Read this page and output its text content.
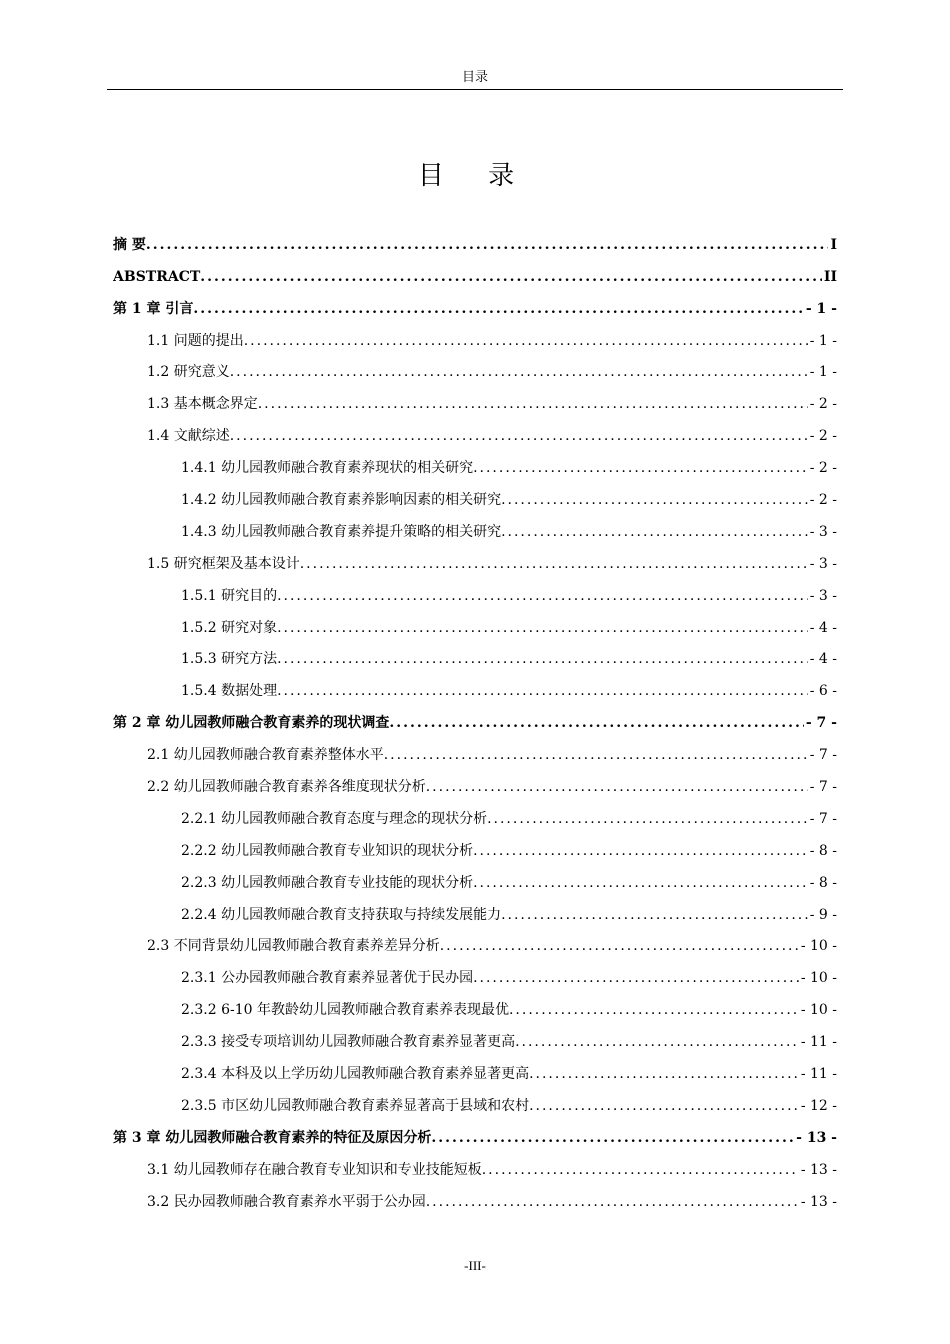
目录
目 录
摘 要 .....	I
ABSTRACT .....	II
第 1 章 引言 .....	- 1 -
1.1 问题的提出 .....	- 1 -
1.2 研究意义 .....	- 1 -
1.3 基本概念界定 .....	- 2 -
1.4 文献综述 .....	- 2 -
1.4.1 幼儿园教师融合教育素养现状的相关研究 .....	- 2 -
1.4.2 幼儿园教师融合教育素养影响因素的相关研究 .....	- 2 -
1.4.3 幼儿园教师融合教育素养提升策略的相关研究 .....	- 3 -
1.5 研究框架及基本设计 .....	- 3 -
1.5.1 研究目的 .....	- 3 -
1.5.2 研究对象 .....	- 4 -
1.5.3 研究方法 .....	- 4 -
1.5.4 数据处理 .....	- 6 -
第 2 章 幼儿园教师融合教育素养的现状调查 .....	- 7 -
2.1 幼儿园教师融合教育素养整体水平 .....	- 7 -
2.2 幼儿园教师融合教育素养各维度现状分析 .....	- 7 -
2.2.1 幼儿园教师融合教育态度与理念的现状分析 .....	- 7 -
2.2.2 幼儿园教师融合教育专业知识的现状分析 .....	- 8 -
2.2.3 幼儿园教师融合教育专业技能的现状分析 .....	- 8 -
2.2.4 幼儿园教师融合教育支持获取与持续发展能力 .....	- 9 -
2.3 不同背景幼儿园教师融合教育素养差异分析 .....	- 10 -
2.3.1 公办园教师融合教育素养显著优于民办园 .....	- 10 -
2.3.2 6-10 年教龄幼儿园教师融合教育素养表现最优 .....	- 10 -
2.3.3 接受专项培训幼儿园教师融合教育素养显著更高 .....	- 11 -
2.3.4 本科及以上学历幼儿园教师融合教育素养显著更高 .....	- 11 -
2.3.5 市区幼儿园教师融合教育素养显著高于县域和农村 .....	- 12 -
第 3 章 幼儿园教师融合教育素养的特征及原因分析 .....	- 13 -
3.1 幼儿园教师存在融合教育专业知识和专业技能短板 .....	- 13 -
3.2 民办园教师融合教育素养水平弱于公办园 .....	- 13 -
-III-
